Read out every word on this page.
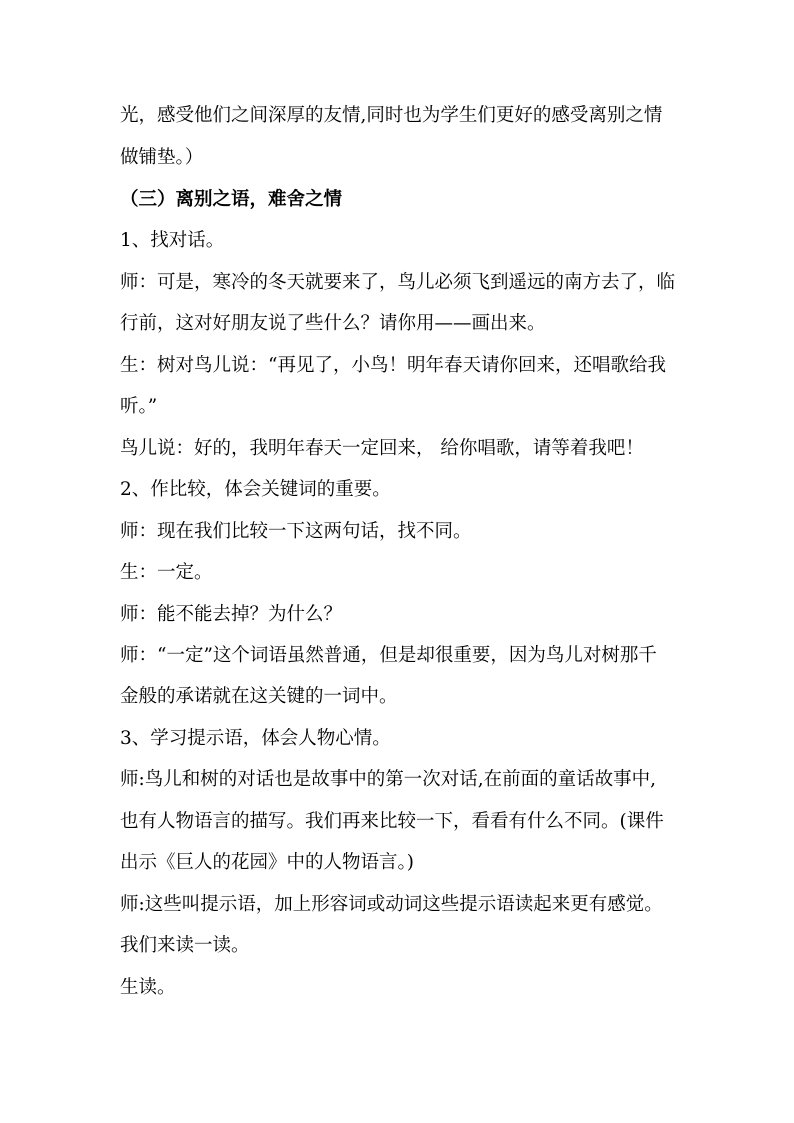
光，感受他们之间深厚的友情,同时也为学生们更好的感受离别之情
做铺垫。）
（三）离别之语，难舍之情
1、找对话。
师：可是，寒冷的冬天就要来了，鸟儿必须飞到遥远的南方去了，临
行前，这对好朋友说了些什么？请你用——画出来。
生：树对鸟儿说：“再见了，小鸟！明年春天请你回来，还唱歌给我
听。”
鸟儿说：好的，我明年春天一定回来， 给你唱歌，请等着我吧！
2、作比较，体会关键词的重要。
师：现在我们比较一下这两句话，找不同。
生：一定。
师：能不能去掉？为什么？
师：“一定”这个词语虽然普通，但是却很重要，因为鸟儿对树那千
金般的承诺就在这关键的一词中。
3、学习提示语，体会人物心情。
师:鸟儿和树的对话也是故事中的第一次对话,在前面的童话故事中,
也有人物语言的描写。我们再来比较一下，看看有什么不同。(课件
出示《巨人的花园》中的人物语言。)
师:这些叫提示语，加上形容词或动词这些提示语读起来更有感觉。
我们来读一读。
生读。
